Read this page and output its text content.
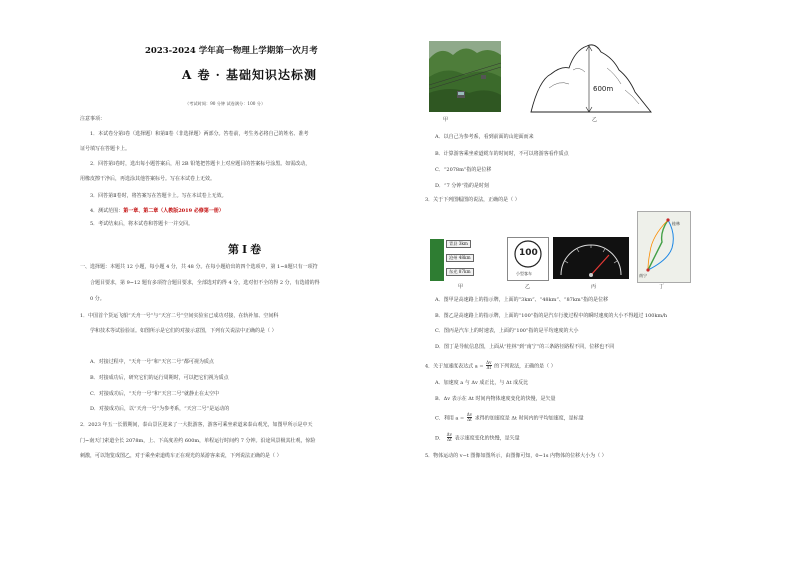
2023-2024 学年高一物理上学期第一次月考
A 卷 · 基础知识达标测
（考试时间：90 分钟 试卷满分：100 分）
注意事项：
1．本试卷分第Ⅰ卷（选择题）和第Ⅱ卷（非选择题）两部分。答卷前，考生务必将自己的姓名、准考
证号填写在答题卡上。
2．回答第Ⅰ卷时，选出每小题答案后，用 2B 铅笔把答题卡上对应题目的答案标号涂黑。如需改动，
用橡皮擦干净后，再选涂其他答案标号。写在本试卷上无效。
3．回答第Ⅱ卷时，将答案写在答题卡上。写在本试卷上无效。
4．测试范围：第一章、第二章（人教版2019 必修第一册）
5．考试结束后，将本试卷和答题卡一并交回。
第Ⅰ卷
一、选择题：本题共 12 小题，每小题 4 分，共 48 分。在每小题给出的四个选项中，第 1~8题只有一项符
合题目要求，第 9~12 题有多项符合题目要求，全部选对的得 4 分，选对但不全的得 2 分，有选错的得
0 分。
1．中国首个货运飞船“天舟一号”与“天宫二号”空间实验室已成功对接，在轨补加、空间科
学和技术等试验验证。如图所示是它们的对接示意图，下列有关说法中正确的是（ ）
A．对接过程中，“天舟一号”和“天宫二号”都可视为质点
B．对接成功后，研究它们的运行周期时，可以把它们视为质点
C．对接成功后，“天舟一号”和“天宫二号”就静止在太空中
D．对接成功后，以“天舟一号”为参考系，“天宫二号”是运动的
2．2023 年五一长假期间，泰山景区迎来了一大批游客，游客可乘坐索道来泰山观光，如图甲所示是中天
门~南天门索道全长 2078m，上、下高度差约 600m，单程运行时间约 7 分钟。沿途风景极其壮观，惊险
刺激，可以饱览成图乙，对于乘坐索道缆车正在观光的某游客来说，下列说法正确的是（ ）
甲
600m
乙
A．以自己为参考系，看到前面的山迎面而来
B．计算游客乘坐索道缆车的时间时，不可以将游客看作质点
C．“2078m”指的是位移
D．“7 分钟”指的是时刻
3．关于下列图幅图的说法，正确的是（ ）
青县 3km
沧州 48km
东光 87km
甲
100
小型客车
乙	丙
桂林
南宁
丁
A．图甲是高速路上的指示牌，上面的“3km”、“48km”、“87km”指的是位移
B．图乙是高速路上的指示牌，上面的“100”指的是汽车行驶过程中的瞬时速度的大小不得超过 100km/h
C．图丙是汽车上的时速表，上面的“100”指的是平均速度的大小
D．图丁是导航信息图，上面从“桂林”到“南宁”的三条路径路程不同，位移也不同
4．关于加速度表达式 $a = \frac{\Delta v}{\Delta t}$ 的下列说法，正确的是（ ）
A．加速度 a 与 Δv 成正比，与 Δt 成反比
B．Δv 表示在 Δt 时间内物体速度变化的快慢，是矢量
C．利用 $a = \frac{\Delta v}{\Delta t}$ 求得的加速度是 Δt 时间内的平均加速度，是标量
D． $\frac{\Delta v}{\Delta t}$ 表示速度变化的快慢，是矢量
5．物体运动的 v−t 图像如图所示，由图像可知，0~1s 内物体的位移大小为（ ）
